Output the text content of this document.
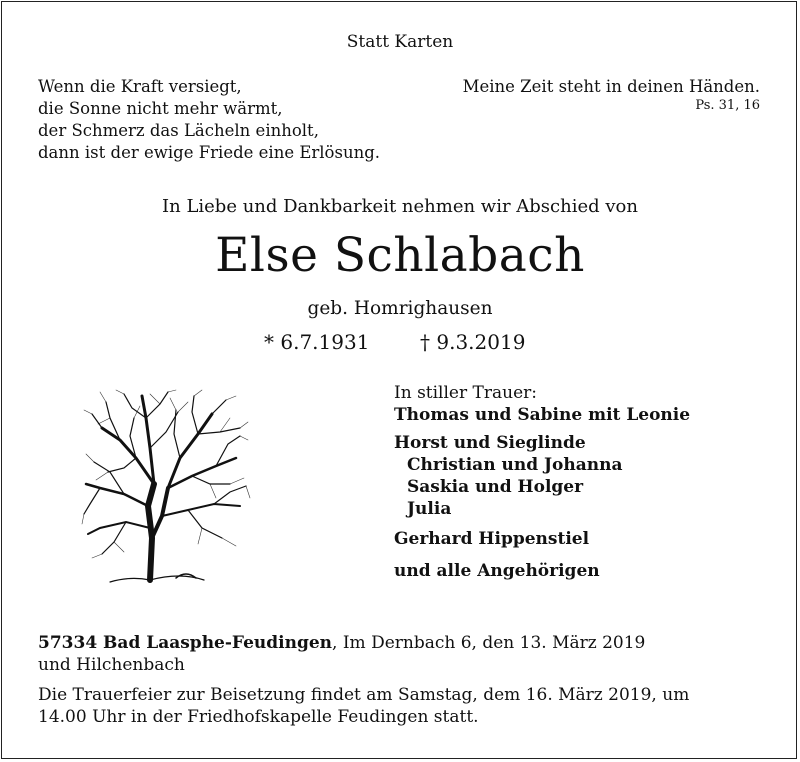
Statt Karten
Wenn die Kraft versiegt,
die Sonne nicht mehr wärmt,
der Schmerz das Lächeln einholt,
dann ist der ewige Friede eine Erlösung.
Meine Zeit steht in deinen Händen.
Ps. 31, 16
In Liebe und Dankbarkeit nehmen wir Abschied von
Else Schlabach
geb. Homrighausen
* 6.7.1931	† 9.3.2019
In stiller Trauer:
Thomas und Sabine mit Leonie
Horst und Sieglinde
Christian und Johanna
Saskia und Holger
Julia
Gerhard Hippenstiel
und alle Angehörigen
57334 Bad Laasphe-Feudingen, Im Dernbach 6, den 13. März 2019
und Hilchenbach
Die Trauerfeier zur Beisetzung findet am Samstag, dem 16. März 2019, um
14.00 Uhr in der Friedhofskapelle Feudingen statt.
